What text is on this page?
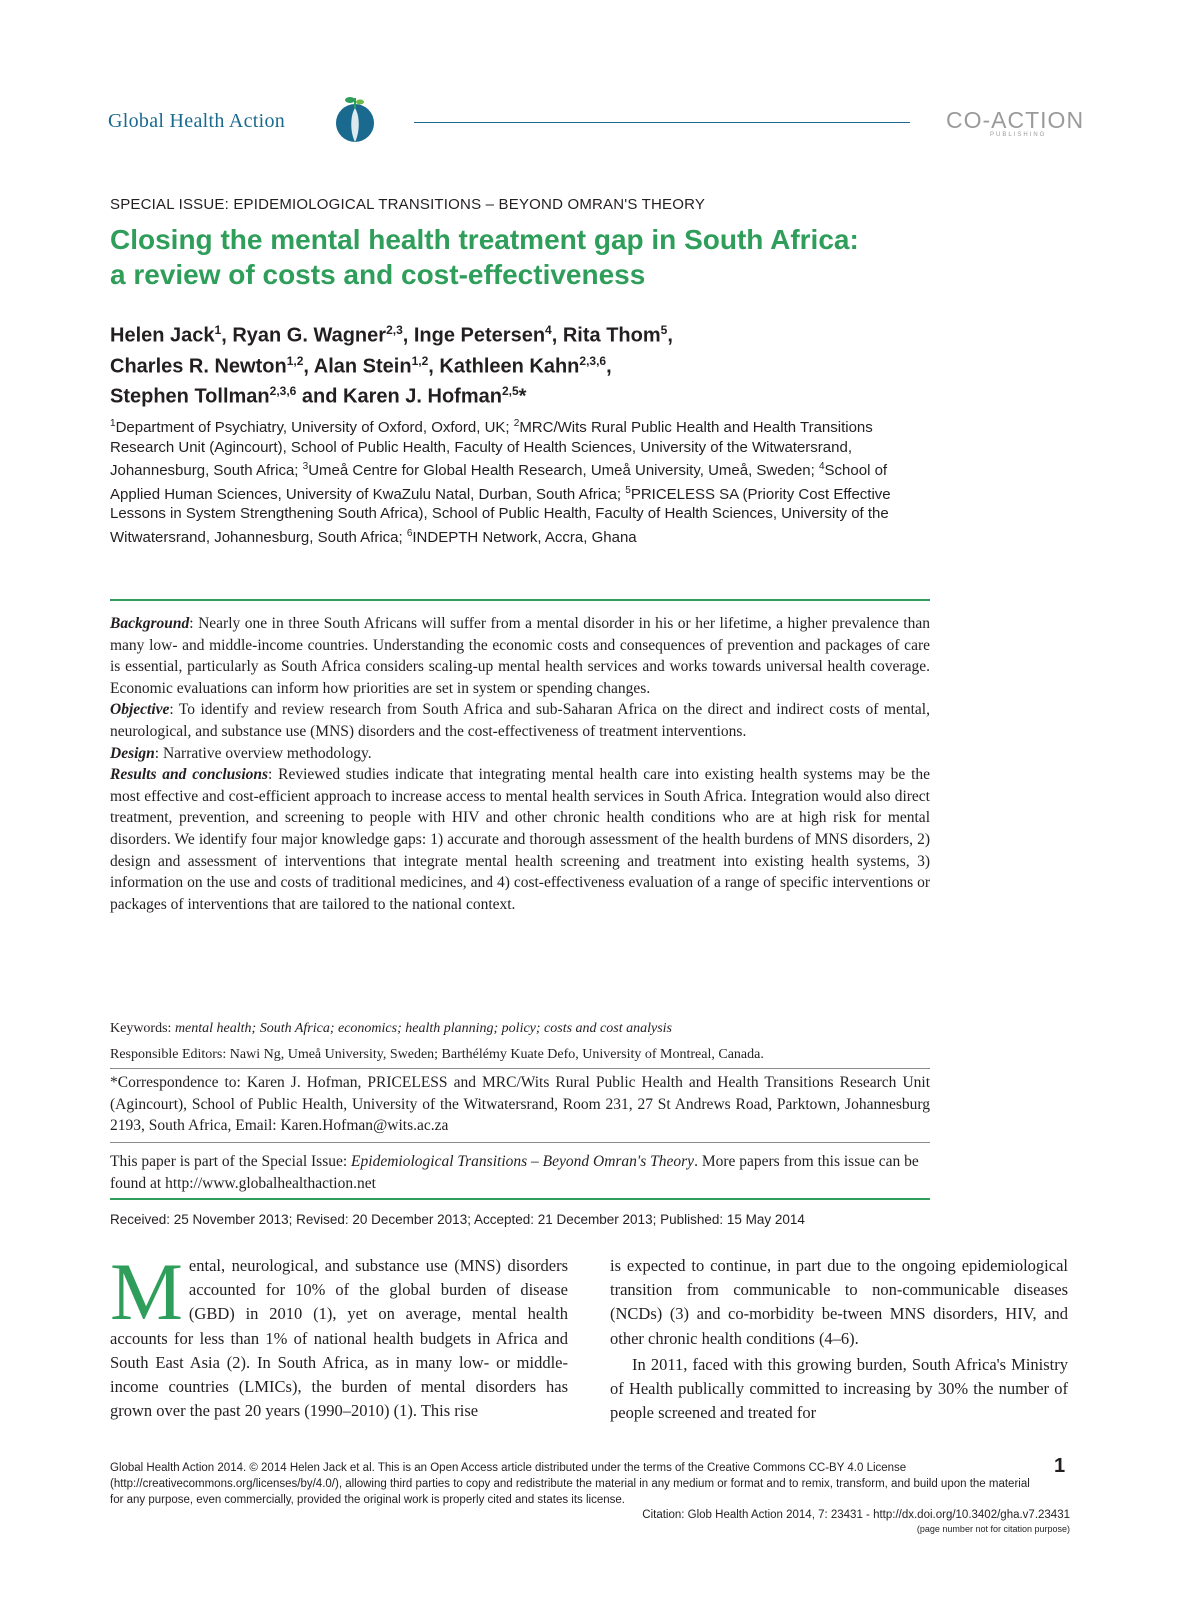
Global Health Action	CO-ACTION
PUBLISHING
SPECIAL ISSUE: EPIDEMIOLOGICAL TRANSITIONS – BEYOND OMRAN'S THEORY
Closing the mental health treatment gap in South Africa:
a review of costs and cost-effectiveness
Helen Jack$^1$, Ryan G. Wagner$^{2,3}$, Inge Petersen$^4$, Rita Thom$^5$,
Charles R. Newton$^{1,2}$, Alan Stein$^{1,2}$, Kathleen Kahn$^{2,3,6}$,
Stephen Tollman$^{2,3,6}$ and Karen J. Hofman$^{2,5}$*
$^1$Department of Psychiatry, University of Oxford, Oxford, UK; $^2$MRC/Wits Rural Public Health and Health Transitions Research Unit (Agincourt), School of Public Health, Faculty of Health Sciences, University of the Witwatersrand, Johannesburg, South Africa; $^3$Umeå Centre for Global Health Research, Umeå University, Umeå, Sweden; $^4$School of Applied Human Sciences, University of KwaZulu Natal, Durban, South Africa; $^5$PRICELESS SA (Priority Cost Effective Lessons in System Strengthening South Africa), School of Public Health, Faculty of Health Sciences, University of the Witwatersrand, Johannesburg, South Africa; $^6$INDEPTH Network, Accra, Ghana

Background: Nearly one in three South Africans will suffer from a mental disorder in his or her lifetime, a higher prevalence than many low- and middle-income countries. Understanding the economic costs and consequences of prevention and packages of care is essential, particularly as South Africa considers scaling-up mental health services and works towards universal health coverage. Economic evaluations can inform how priorities are set in system or spending changes.

Objective: To identify and review research from South Africa and sub-Saharan Africa on the direct and indirect costs of mental, neurological, and substance use (MNS) disorders and the cost-effectiveness of treatment interventions.

Design: Narrative overview methodology.

Results and conclusions: Reviewed studies indicate that integrating mental health care into existing health systems may be the most effective and cost-efficient approach to increase access to mental health services in South Africa. Integration would also direct treatment, prevention, and screening to people with HIV and other chronic health conditions who are at high risk for mental disorders. We identify four major knowledge gaps: 1) accurate and thorough assessment of the health burdens of MNS disorders, 2) design and assessment of interventions that integrate mental health screening and treatment into existing health systems, 3) information on the use and costs of traditional medicines, and 4) cost-effectiveness evaluation of a range of specific interventions or packages of interventions that are tailored to the national context.

Keywords: mental health; South Africa; economics; health planning; policy; costs and cost analysis
Responsible Editors: Nawi Ng, Umeå University, Sweden; Barthélémy Kuate Defo, University of Montreal, Canada.
*Correspondence to: Karen J. Hofman, PRICELESS and MRC/Wits Rural Public Health and Health Transitions Research Unit (Agincourt), School of Public Health, University of the Witwatersrand, Room 231, 27 St Andrews Road, Parktown, Johannesburg 2193, South Africa, Email: Karen.Hofman@wits.ac.za
This paper is part of the Special Issue: Epidemiological Transitions – Beyond Omran's Theory. More papers from this issue can be found at http://www.globalhealthaction.net
Received: 25 November 2013; Revised: 20 December 2013; Accepted: 21 December 2013; Published: 15 May 2014
Mental, neurological, and substance use (MNS) disorders accounted for 10% of the global burden of disease (GBD) in 2010 (1), yet on average, mental health accounts for less than 1% of national health budgets in Africa and South East Asia (2). In South Africa, as in many low- or middle-income countries (LMICs), the burden of mental disorders has grown over the past 20 years (1990–2010) (1). This rise
is expected to continue, in part due to the ongoing epidemiological transition from communicable to non-communicable diseases (NCDs) (3) and co-morbidity be-tween MNS disorders, HIV, and other chronic health conditions (4–6).
In 2011, faced with this growing burden, South Africa's Ministry of Health publically committed to increasing by 30% the number of people screened and treated for
Global Health Action 2014. © 2014 Helen Jack et al. This is an Open Access article distributed under the terms of the Creative Commons CC-BY 4.0 License (http://creativecommons.org/licenses/by/4.0/), allowing third parties to copy and redistribute the material in any medium or format and to remix, transform, and build upon the material for any purpose, even commercially, provided the original work is properly cited and states its license.
1
Citation: Glob Health Action 2014, 7: 23431 - http://dx.doi.org/10.3402/gha.v7.23431
(page number not for citation purpose)
